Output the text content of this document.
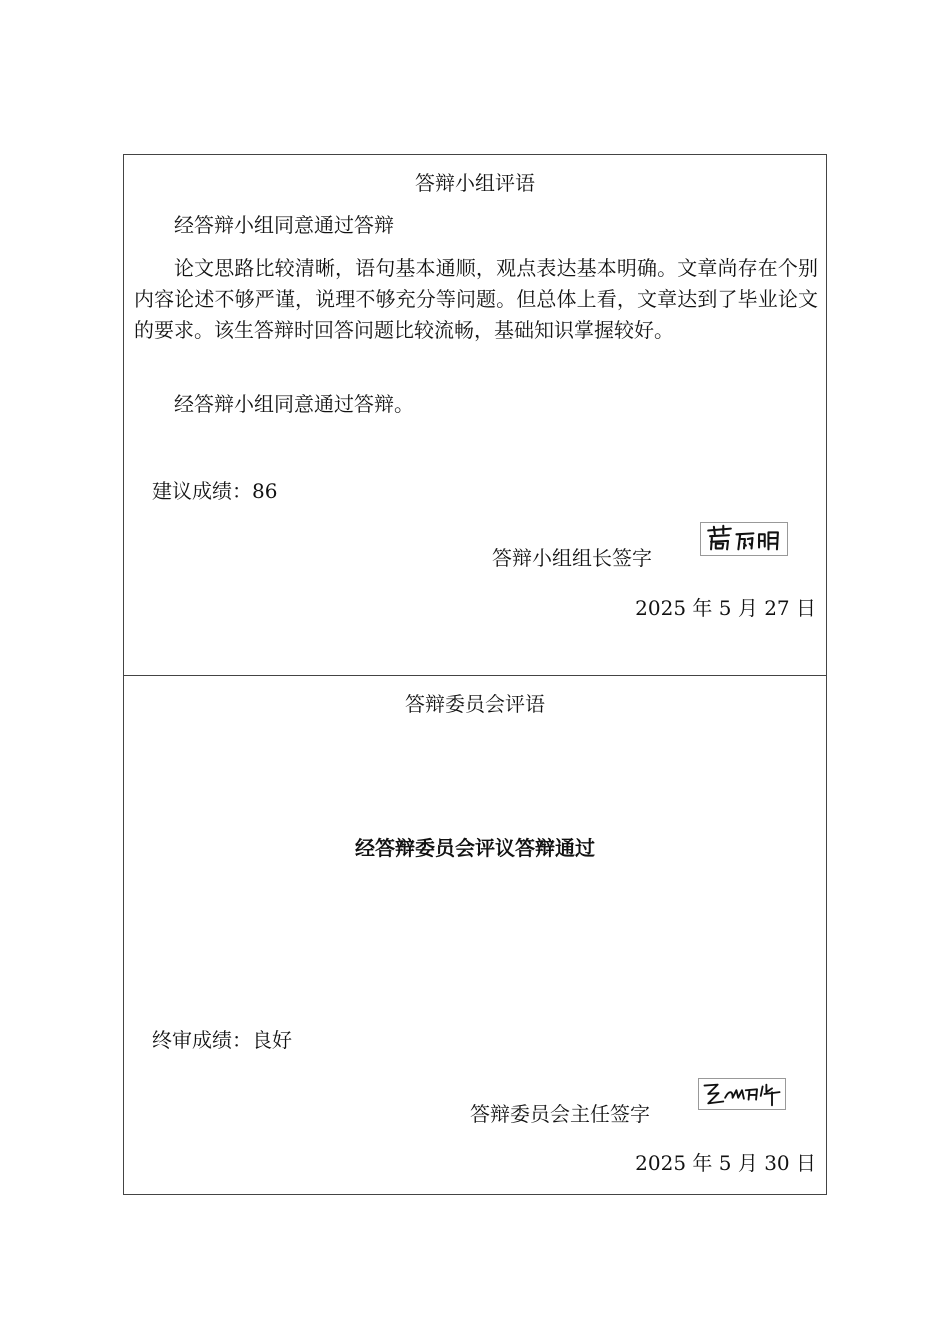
答辩小组评语

经答辩小组同意通过答辩

论文思路比较清晰，语句基本通顺，观点表达基本明确。文章尚存在个别内容论述不够严谨，说理不够充分等问题。但总体上看，文章达到了毕业论文的要求。该生答辩时回答问题比较流畅，基础知识掌握较好。

经答辩小组同意通过答辩。

建议成绩：86
答辩小组组长签字
2025 年 5 月 27 日
答辩委员会评语
经答辩委员会评议答辩通过
终审成绩：良好
答辩委员会主任签字
2025 年 5 月 30 日
